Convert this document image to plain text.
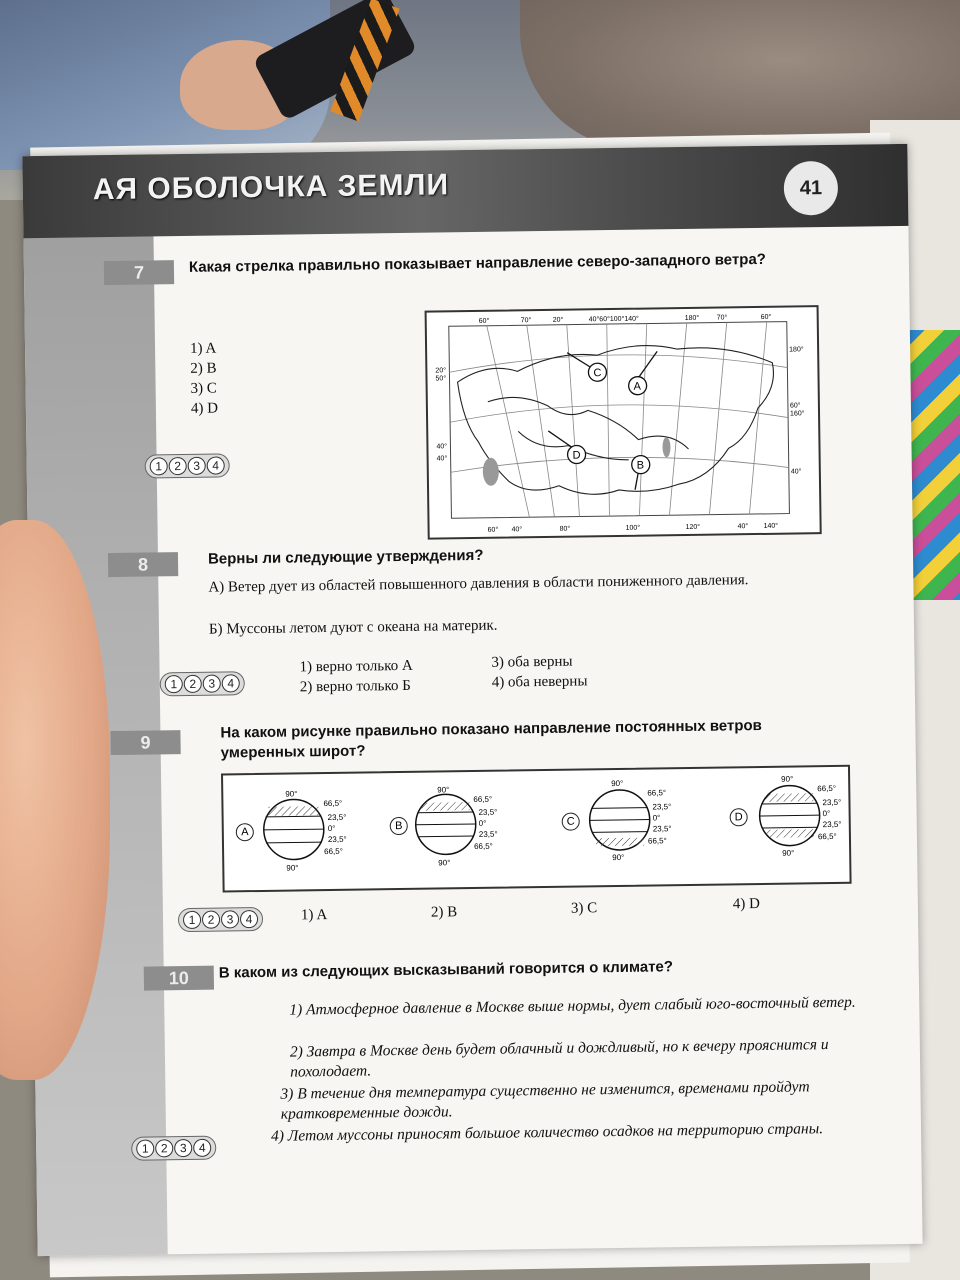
АЯ ОБОЛОЧКА ЗЕМЛИ	41
7	Какая стрелка правильно показывает направление северо-западного ветра?
1) A
2) B
3) C
4) D
1	2	3	4
60°	70°	20°	40°60°100°140°	180° 70°	60°
60° 40°	80°	100°	120°	40° 140°
20°
50°
40°
40°
180°
60°
160°
40°
C
A
D
B
8	Верны ли следующие утверждения?
А) Ветер дует из областей повышенного давления в области пониженного давления.
Б) Муссоны летом дуют с океана на материк.
1	2	3	4
1) верно только А
2) верно только Б
3) оба верны
4) оба неверны
9
На каком рисунке правильно показано направление постоянных ветров умеренных широт?
90°
66,5°
23,5°
0°
23,5°
66,5°
90°
90°
66,5°
23,5°
0°
23,5°
66,5°
90°
90°
66,5°
23,5°
0°
23,5°
66,5°
90°
90°
66,5°
23,5°
0°
23,5°
66,5°
90°
A
B	C	D
1	2	3	4	1) A	2) B	3) C	4) D
10	В каком из следующих высказываний говорится о климате?
1) Атмосферное давление в Москве выше нормы, дует слабый юго-восточный ветер.
2) Завтра в Москве день будет облачный и дождливый, но к вечеру прояснится и похолодает.
3) В течение дня температура существенно не изменится, временами пройдут кратковременные дожди.
4) Летом муссоны приносят большое количество осадков на территорию страны.
1	2	3	4
